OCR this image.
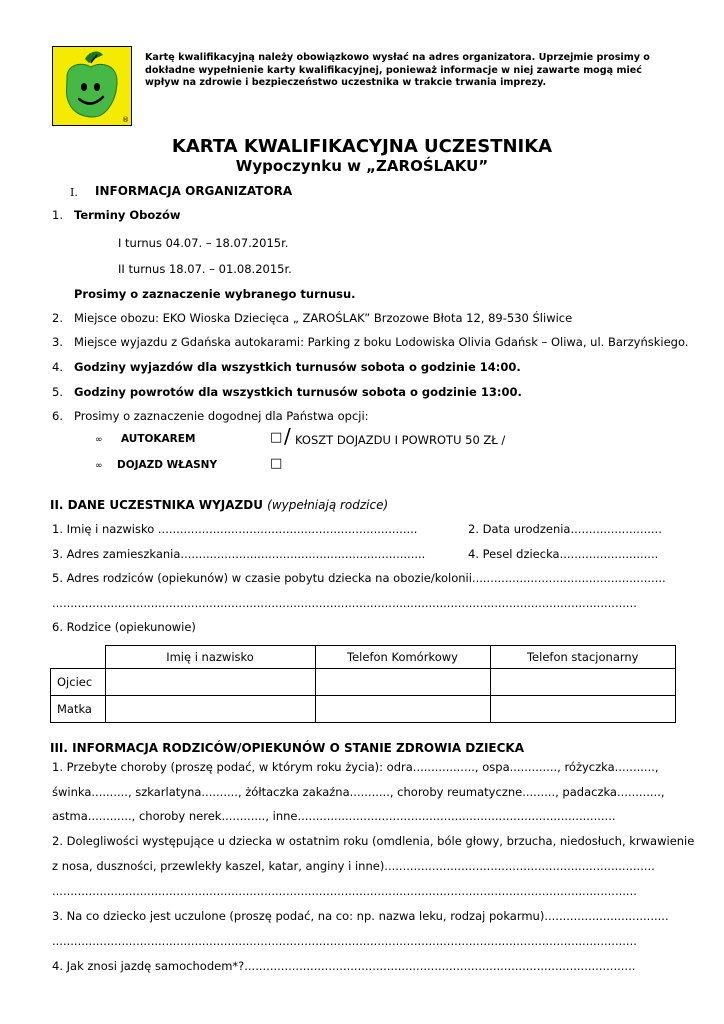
®
Kartę kwalifikacyjną należy obowiązkowo wysłać na adres organizatora. Uprzejmie prosimy o dokładne wypełnienie karty kwalifikacyjnej, ponieważ informacje w niej zawarte mogą mieć wpływ na zdrowie i bezpieczeństwo uczestnika w trakcie trwania imprezy.
KARTA KWALIFIKACYJNA UCZESTNIKA
Wypoczynku w „ZAROŚLAKU”
I. INFORMACJA ORGANIZATORA
1. Terminy Obozów
I turnus 04.07. – 18.07.2015r.
II turnus 18.07. – 01.08.2015r.
Prosimy o zaznaczenie wybranego turnusu.
2. Miejsce obozu: EKO Wioska Dziecięca „ ZAROŚLAK” Brzozowe Błota 12, 89-530 Śliwice
3. Miejsce wyjazdu z Gdańska autokarami: Parking z boku Lodowiska Olivia Gdańsk – Oliwa, ul. Barzyńskiego.
4. Godziny wyjazdów dla wszystkich turnusów sobota o godzinie 14:00.
5. Godziny powrotów dla wszystkich turnusów sobota o godzinie 13:00.
6. Prosimy o zaznaczenie dogodnej dla Państwa opcji:
∞ AUTOKAREM	□ / KOSZT DOJAZDU I POWROTU 50 ZŁ /
∞ DOJAZD WŁASNY	□
II. DANE UCZESTNIKA WYJAZDU (wypełniają rodzice)
1. Imię i nazwisko .......................................................................	2. Data urodzenia.........................
3. Adres zamieszkania...................................................................	4. Pesel dziecka...........................
5. Adres rodziców (opiekunów) w czasie pobytu dziecka na obozie/kolonii.....................................................
................................................................................................................................................................
6. Rodzice (opiekunowie)
	Imię i nazwisko	Telefon Komórkowy	Telefon stacjonarny
Ojciec			
Matka			
III. INFORMACJA RODZICÓW/OPIEKUNÓW O STANIE ZDROWIA DZIECKA
1. Przebyte choroby (proszę podać, w którym roku życia): odra................., ospa............., różyczka...........,
świnka.........., szkarlatyna.........., żółtaczka zakaźna..........., choroby reumatyczne........., padaczka............,
astma............, choroby nerek............, inne.......................................................................................
2. Dolegliwości występujące u dziecka w ostatnim roku (omdlenia, bóle głowy, brzucha, niedosłuch, krwawienie
z nosa, duszności, przewlekły kaszel, katar, anginy i inne)..........................................................................
................................................................................................................................................................
3. Na co dziecko jest uczulone (proszę podać, na co: np. nazwa leku, rodzaj pokarmu)..................................
................................................................................................................................................................
4. Jak znosi jazdę samochodem*?...........................................................................................................
